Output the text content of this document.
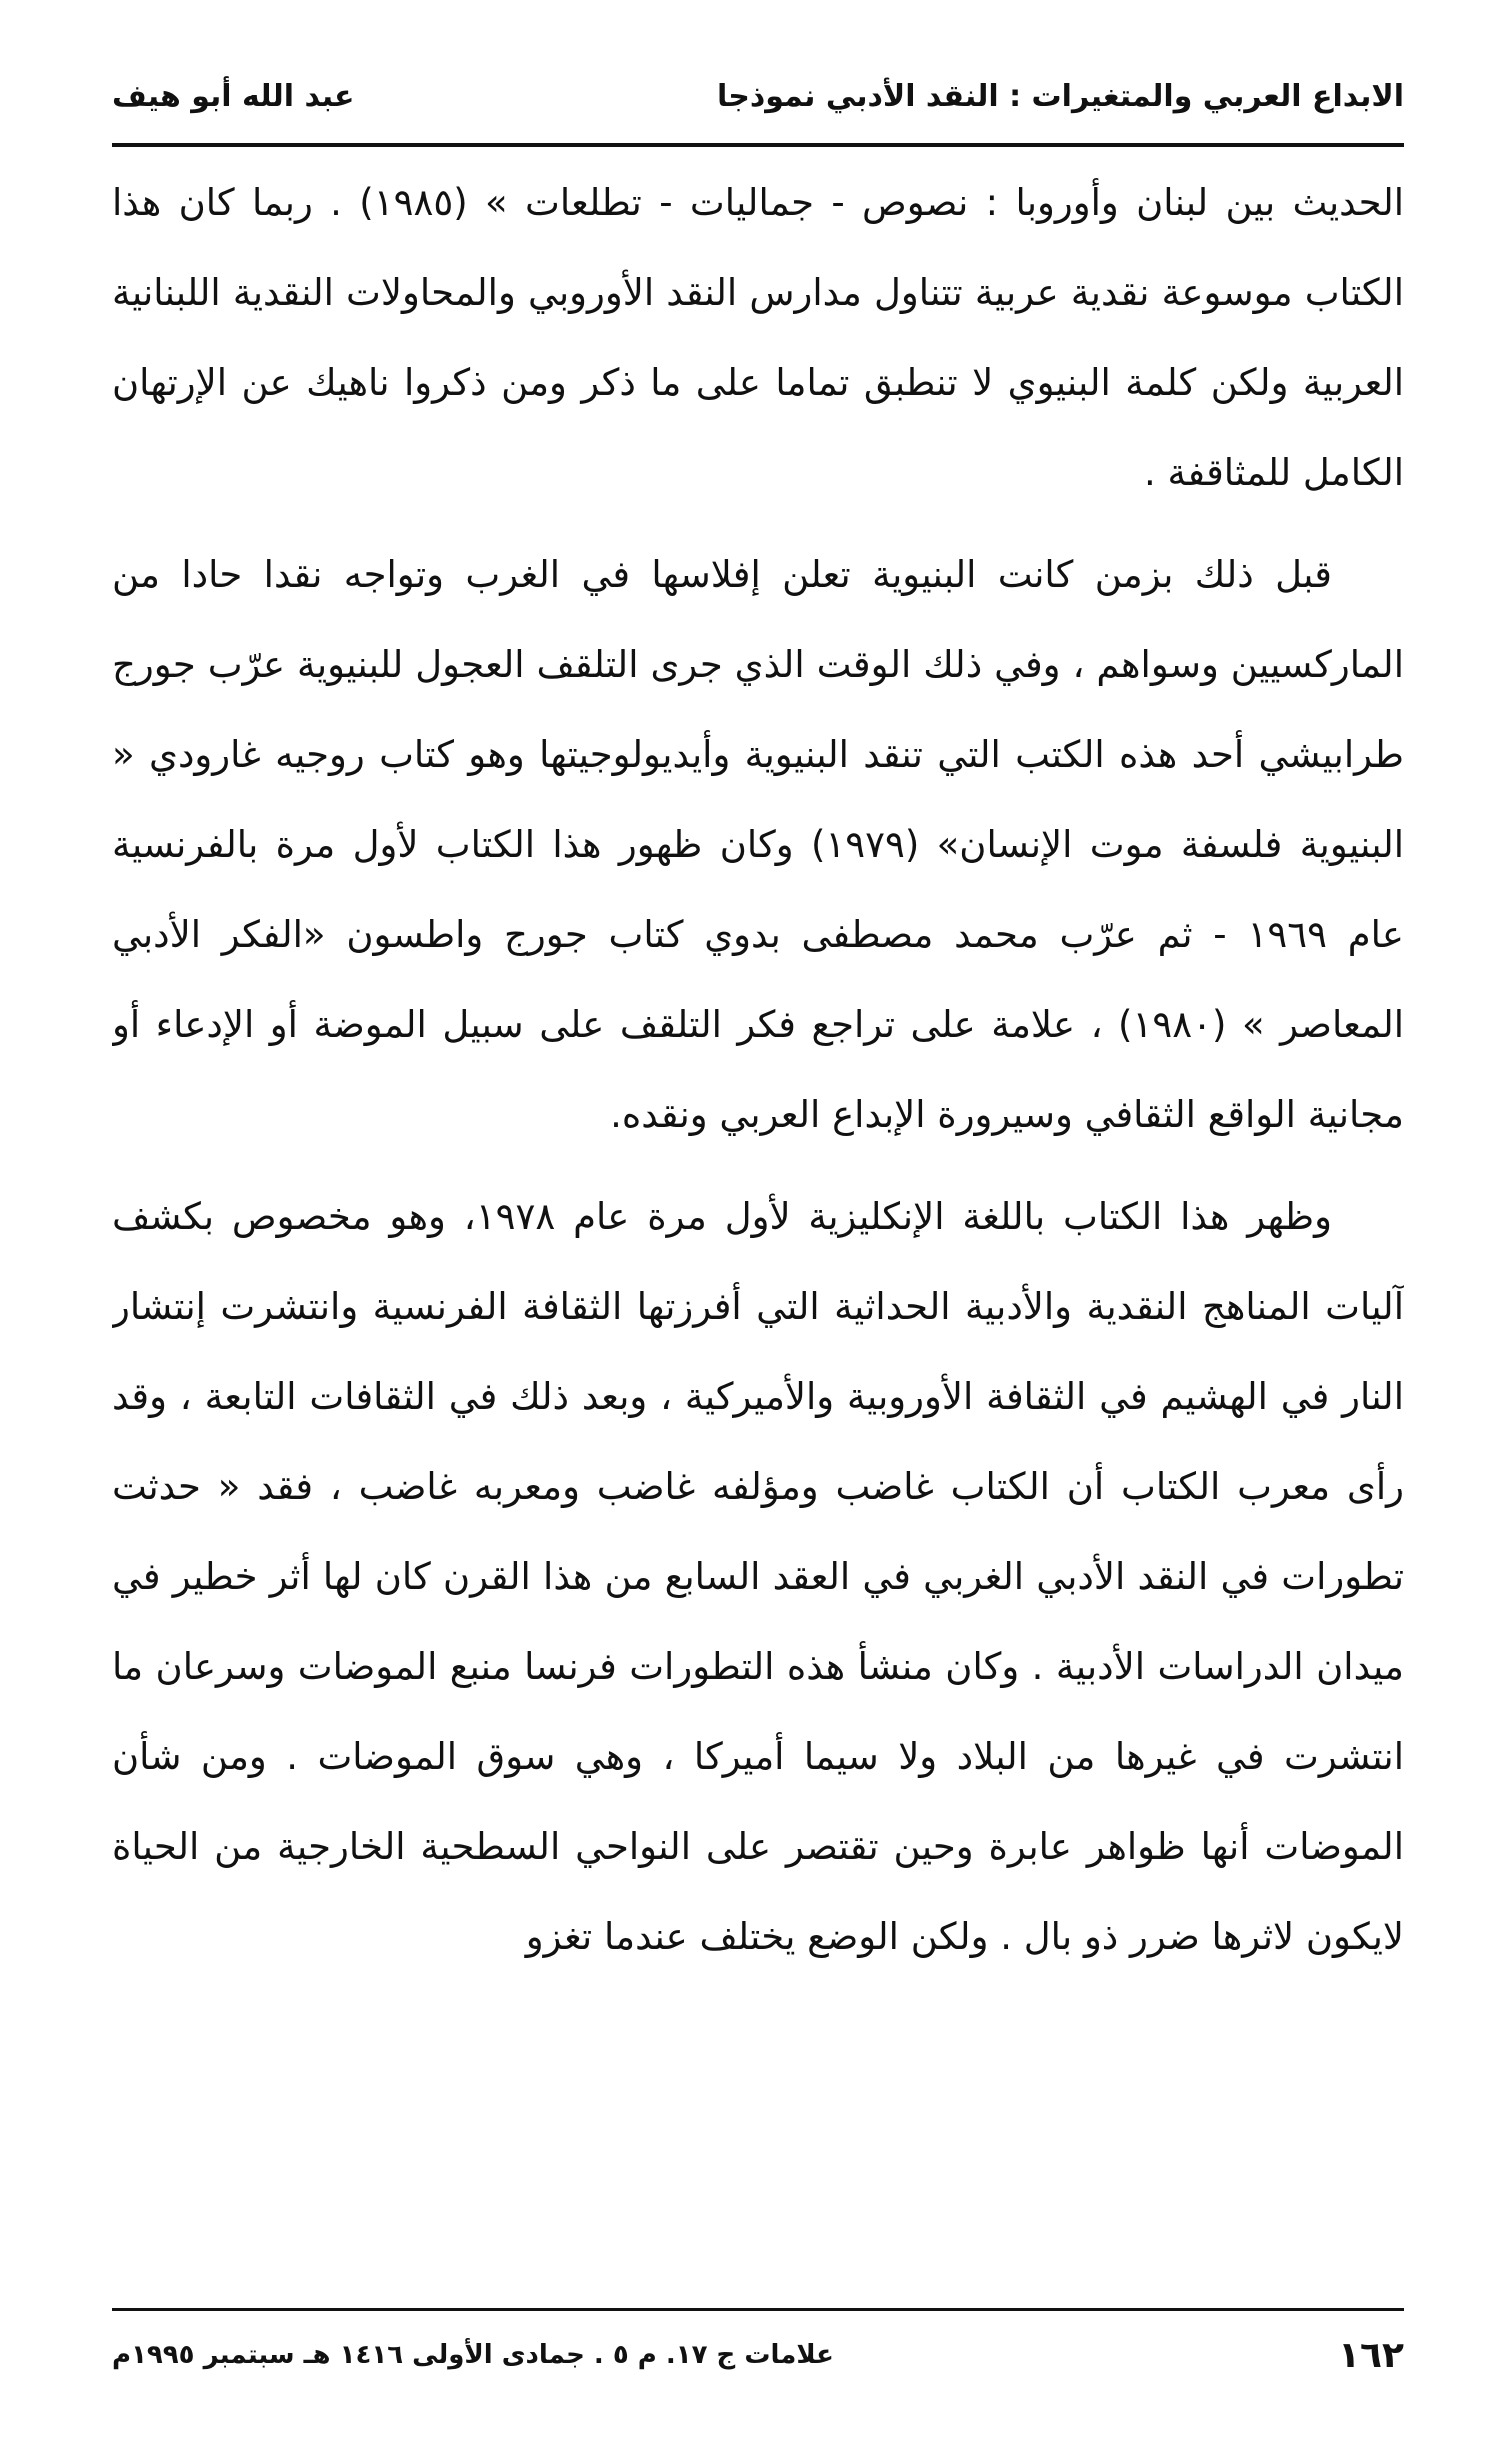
الابداع العربي والمتغيرات : النقد الأدبي نموذجا
عبد الله أبو هيف

الحديث بين لبنان وأوروبا : نصوص - جماليات - تطلعات » (١٩٨٥) . ربما كان هذا الكتاب موسوعة نقدية عربية تتناول مدارس النقد الأوروبي والمحاولات النقدية اللبنانية العربية ولكن كلمة البنيوي لا تنطبق تماما على ما ذكر ومن ذكروا ناهيك عن الإرتهان الكامل للمثاقفة .

قبل ذلك بزمن كانت البنيوية تعلن إفلاسها في الغرب وتواجه نقدا حادا من الماركسيين وسواهم ، وفي ذلك الوقت الذي جرى التلقف العجول للبنيوية عرّب جورج طرابيشي أحد هذه الكتب التي تنقد البنيوية وأيديولوجيتها وهو كتاب روجيه غارودي « البنيوية فلسفة موت الإنسان» (١٩٧٩) وكان ظهور هذا الكتاب لأول مرة بالفرنسية عام ١٩٦٩ - ثم عرّب محمد مصطفى بدوي كتاب جورج واطسون «الفكر الأدبي المعاصر » (١٩٨٠) ، علامة على تراجع فكر التلقف على سبيل الموضة أو الإدعاء أو مجانية الواقع الثقافي وسيرورة الإبداع العربي ونقده.

وظهر هذا الكتاب باللغة الإنكليزية لأول مرة عام ١٩٧٨، وهو مخصوص بكشف آليات المناهج النقدية والأدبية الحداثية التي أفرزتها الثقافة الفرنسية وانتشرت إنتشار النار في الهشيم في الثقافة الأوروبية والأميركية ، وبعد ذلك في الثقافات التابعة ، وقد رأى معرب الكتاب أن الكتاب غاضب ومؤلفه غاضب ومعربه غاضب ، فقد « حدثت تطورات في النقد الأدبي الغربي في العقد السابع من هذا القرن كان لها أثر خطير في ميدان الدراسات الأدبية . وكان منشأ هذه التطورات فرنسا منبع الموضات وسرعان ما انتشرت في غيرها من البلاد ولا سيما أميركا ، وهي سوق الموضات . ومن شأن الموضات أنها ظواهر عابرة وحين تقتصر على النواحي السطحية الخارجية من الحياة لايكون لاثرها ضرر ذو بال . ولكن الوضع يختلف عندما تغزو

١٦٢
علامات ج ١٧. م ٥ . جمادى الأولى ١٤١٦ هـ سبتمبر ١٩٩٥م
